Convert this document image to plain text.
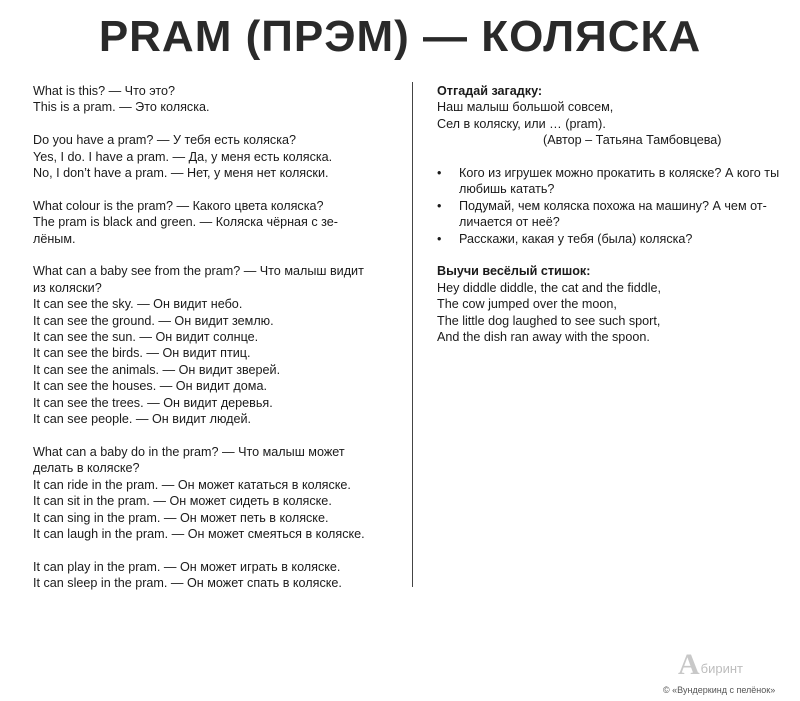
PRAM (ПРЭМ) — КОЛЯСКА
What is this? — Что это?
This is a pram. — Это коляска.
Do you have a pram? — У тебя есть коляска?
Yes, I do. I have a pram. — Да, у меня есть коляска.
No, I don’t have a pram. — Нет, у меня нет коляски.
What colour is the pram? — Какого цвета коляска?
The pram is black and green. — Коляска чёрная с зе-
лёным.
What can a baby see from the pram? — Что малыш видит
из коляски?
It can see the sky. — Он видит небо.
It can see the ground. — Он видит землю.
It can see the sun. — Он видит солнце.
It can see the birds. — Он видит птиц.
It can see the animals. — Он видит зверей.
It can see the houses. — Он видит дома.
It can see the trees. — Он видит деревья.
It can see people. — Он видит людей.
What can a baby do in the pram? — Что малыш может
делать в коляске?
It can ride in the pram. — Он может кататься в коляске.
It can sit in the pram. — Он может сидеть в коляске.
It can sing in the pram. — Он может петь в коляске.
It can laugh in the pram. — Он может смеяться в коляске.
It can play in the pram. — Он может играть в коляске.
It can sleep in the pram. — Он может спать в коляске.
Отгадай загадку:
Наш малыш большой совсем,
Сел в коляску, или … (pram).
(Автор – Татьяна Тамбовцева)
• Кого из игрушек можно прокатить в коляске? А кого ты любишь катать?
• Подумай, чем коляска похожа на машину? А чем отличается от неё?
• Расскажи, какая у тебя (была) коляска?
Выучи весёлый стишок:
Hey diddle diddle, the cat and the fiddle,
The cow jumped over the moon,
The little dog laughed to see such sport,
And the dish ran away with the spoon.
A биринт
© «Вундеркинд с пелёнок»
